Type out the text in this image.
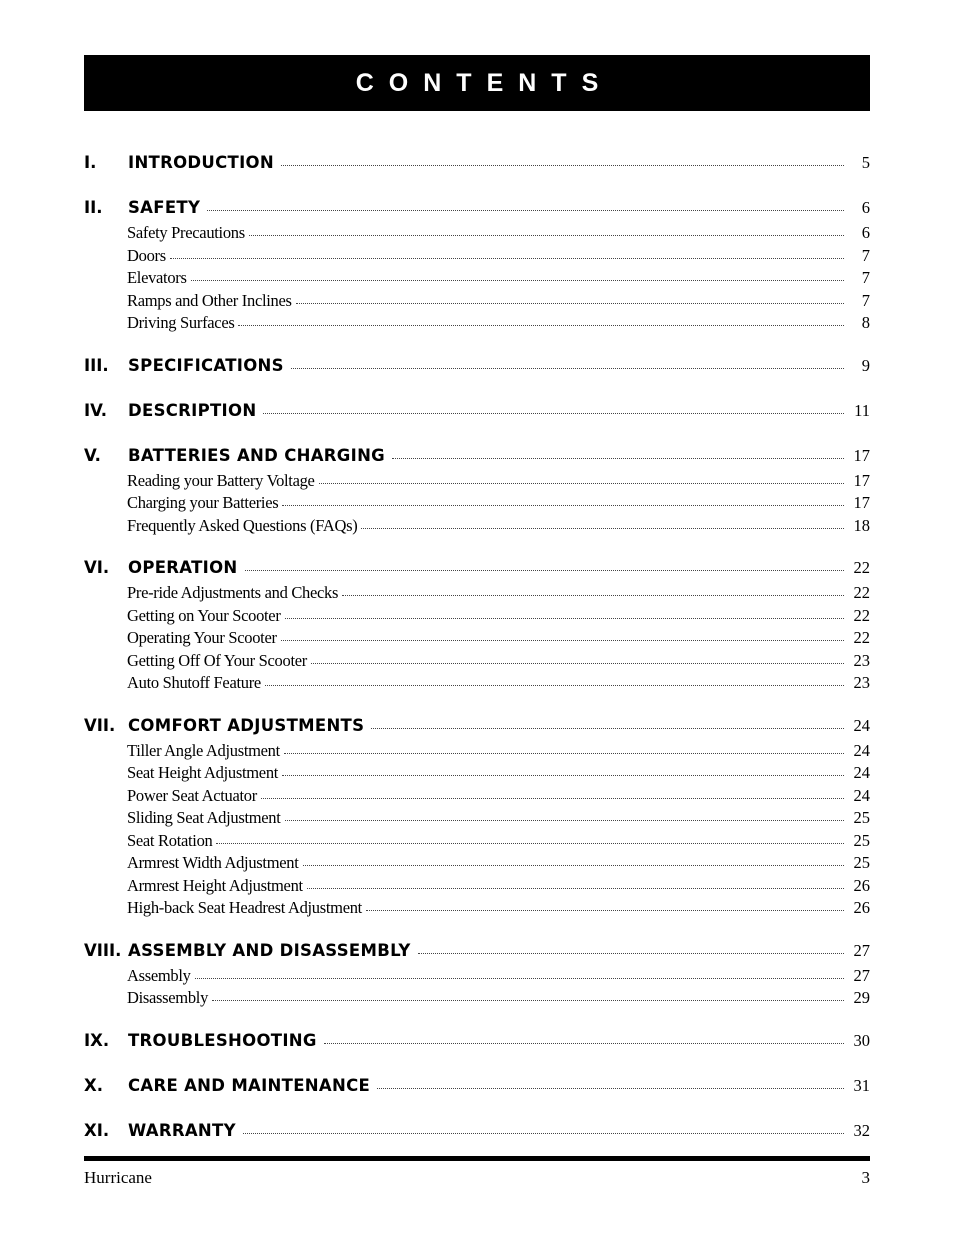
CONTENTS
I.	INTRODUCTION	5
II.	SAFETY	6
Safety Precautions	6
Doors	7
Elevators	7
Ramps and Other Inclines	7
Driving Surfaces	8
III.	SPECIFICATIONS	9
IV.	DESCRIPTION	11
V.	BATTERIES AND CHARGING	17
Reading your Battery Voltage	17
Charging your Batteries	17
Frequently Asked Questions (FAQs)	18
VI.	OPERATION	22
Pre-ride Adjustments and Checks	22
Getting on Your Scooter	22
Operating Your Scooter	22
Getting Off Of Your Scooter	23
Auto Shutoff Feature	23
VII. COMFORT ADJUSTMENTS	24
Tiller Angle Adjustment	24
Seat Height Adjustment	24
Power Seat Actuator	24
Sliding Seat Adjustment	25
Seat Rotation	25
Armrest Width Adjustment	25
Armrest Height Adjustment	26
High-back Seat Headrest Adjustment	26
VIII. ASSEMBLY AND DISASSEMBLY	27
Assembly	27
Disassembly	29
IX.	TROUBLESHOOTING	30
X.	CARE AND MAINTENANCE	31
XI.	WARRANTY	32
Hurricane	3
